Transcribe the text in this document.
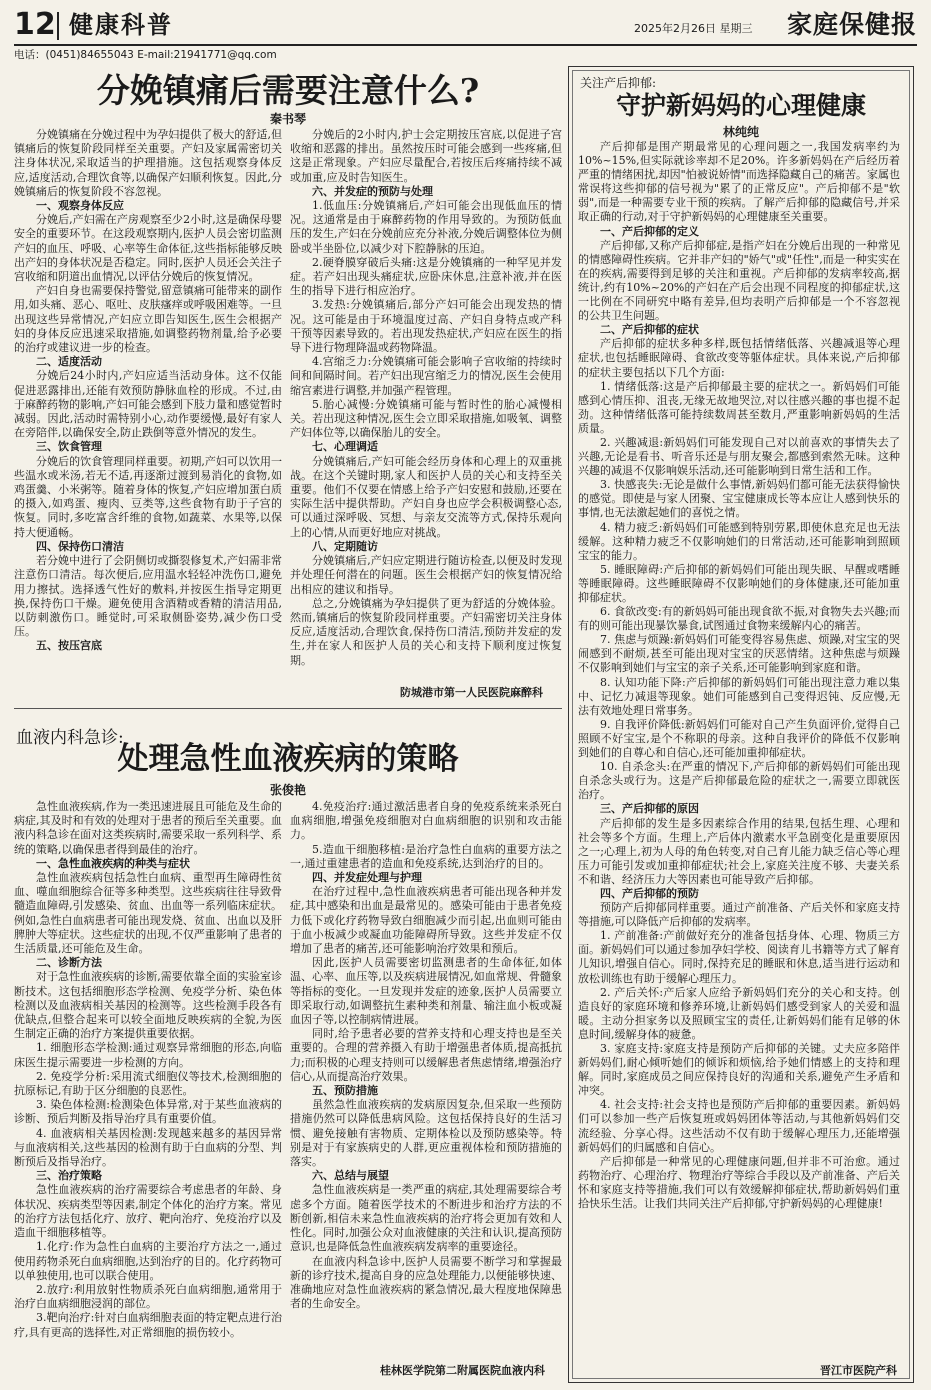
12 健康科普	2025年2月26日 星期三 家庭保健报
电话：(0451)84655043 E-mail:21941771@qq.com
分娩镇痛后需要注意什么?
秦书琴

分娩镇痛在分娩过程中为孕妇提供了极大的舒适,但镇痛后的恢复阶段同样至关重要。产妇及家属需密切关注身体状况,采取适当的护理措施。这包括观察身体反应,适度活动,合理饮食等,以确保产妇顺利恢复。因此,分娩镇痛后的恢复阶段不容忽视。

一、观察身体反应

分娩后,产妇需在产房观察至少2小时,这是确保母婴安全的重要环节。在这段观察期内,医护人员会密切监测产妇的血压、呼吸、心率等生命体征,这些指标能够反映出产妇的身体状况是否稳定。同时,医护人员还会关注子宫收缩和阴道出血情况,以评估分娩后的恢复情况。

产妇自身也需要保持警觉,留意镇痛可能带来的副作用,如头痛、恶心、呕吐、皮肤瘙痒或呼吸困难等。一旦出现这些异常情况,产妇应立即告知医生,医生会根据产妇的身体反应迅速采取措施,如调整药物剂量,给予必要的治疗或建议进一步的检查。

二、适度活动

分娩后24小时内,产妇应适当活动身体。这不仅能促进恶露排出,还能有效预防静脉血栓的形成。不过,由于麻醉药物的影响,产妇可能会感到下肢力量和感觉暂时减弱。因此,活动时需特别小心,动作要缓慢,最好有家人在旁陪伴,以确保安全,防止跌倒等意外情况的发生。

三、饮食管理

分娩后的饮食管理同样重要。初期,产妇可以饮用一些温水或米汤,若无不适,再逐渐过渡到易消化的食物,如鸡蛋羹、小米粥等。随着身体的恢复,产妇应增加蛋白质的摄入,如鸡蛋、瘦肉、豆类等,这些食物有助于子宫的恢复。同时,多吃富含纤维的食物,如蔬菜、水果等,以保持大便通畅。

四、保持伤口清洁

若分娩中进行了会阴侧切或撕裂修复术,产妇需非常注意伤口清洁。每次便后,应用温水轻轻冲洗伤口,避免用力擦拭。选择透气性好的敷料,并按医生指导定期更换,保持伤口干燥。避免使用含酒精或香精的清洁用品,以防刺激伤口。睡觉时,可采取侧卧姿势,减少伤口受压。

五、按压宫底

分娩后的2小时内,护士会定期按压宫底,以促进子宫收缩和恶露的排出。虽然按压时可能会感到一些疼痛,但这是正常现象。产妇应尽量配合,若按压后疼痛持续不减或加重,应及时告知医生。

六、并发症的预防与处理

1.低血压:分娩镇痛后,产妇可能会出现低血压的情况。这通常是由于麻醉药物的作用导致的。为预防低血压的发生,产妇在分娩前应充分补液,分娩后调整体位为侧卧或半坐卧位,以减少对下腔静脉的压迫。

2.硬脊膜穿破后头痛:这是分娩镇痛的一种罕见并发症。若产妇出现头痛症状,应卧床休息,注意补液,并在医生的指导下进行相应治疗。

3.发热:分娩镇痛后,部分产妇可能会出现发热的情况。这可能是由于环境温度过高、产妇自身特点或产科干预等因素导致的。若出现发热症状,产妇应在医生的指导下进行物理降温或药物降温。

4.宫缩乏力:分娩镇痛可能会影响子宫收缩的持续时间和间隔时间。若产妇出现宫缩乏力的情况,医生会使用缩宫素进行调整,并加强产程管理。

5.胎心减慢:分娩镇痛可能与暂时性的胎心减慢相关。若出现这种情况,医生会立即采取措施,如吸氧、调整产妇体位等,以确保胎儿的安全。

七、心理调适

分娩镇痛后,产妇可能会经历身体和心理上的双重挑战。在这个关键时期,家人和医护人员的关心和支持至关重要。他们不仅要在情感上给予产妇安慰和鼓励,还要在实际生活中提供帮助。产妇自身也应学会积极调整心态,可以通过深呼吸、冥想、与亲友交流等方式,保持乐观向上的心情,从而更好地应对挑战。

八、定期随访

分娩镇痛后,产妇应定期进行随访检查,以便及时发现并处理任何潜在的问题。医生会根据产妇的恢复情况给出相应的建议和指导。

总之,分娩镇痛为孕妇提供了更为舒适的分娩体验。然而,镇痛后的恢复阶段同样重要。产妇需密切关注身体反应,适度活动,合理饮食,保持伤口清洁,预防并发症的发生,并在家人和医护人员的关心和支持下顺利度过恢复期。

防城港市第一人民医院麻醉科
血液内科急诊:
处理急性血液疾病的策略
张俊艳

急性血液疾病,作为一类迅速进展且可能危及生命的病症,其及时和有效的处理对于患者的预后至关重要。血液内科急诊在面对这类疾病时,需要采取一系列科学、系统的策略,以确保患者得到最佳的治疗。

一、急性血液疾病的种类与症状

急性血液疾病包括急性白血病、重型再生障碍性贫血、噬血细胞综合征等多种类型。这些疾病往往导致骨髓造血障碍,引发感染、贫血、出血等一系列临床症状。例如,急性白血病患者可能出现发烧、贫血、出血以及肝脾肿大等症状。这些症状的出现,不仅严重影响了患者的生活质量,还可能危及生命。

二、诊断方法

对于急性血液疾病的诊断,需要依靠全面的实验室诊断技术。这包括细胞形态学检测、免疫学分析、染色体检测以及血液病相关基因的检测等。这些检测手段各有优缺点,但整合起来可以较全面地反映疾病的全貌,为医生制定正确的治疗方案提供重要依据。

1. 细胞形态学检测:通过观察异常细胞的形态,向临床医生提示需要进一步检测的方向。

2. 免疫学分析:采用流式细胞仪等技术,检测细胞的抗原标记,有助于区分细胞的良恶性。

3. 染色体检测:检测染色体异常,对于某些血液病的诊断、预后判断及指导治疗具有重要价值。

4. 血液病相关基因检测:发现越来越多的基因异常与血液病相关,这些基因的检测有助于白血病的分型、判断预后及指导治疗。

三、治疗策略

急性血液疾病的治疗需要综合考虑患者的年龄、身体状况、疾病类型等因素,制定个体化的治疗方案。常见的治疗方法包括化疗、放疗、靶向治疗、免疫治疗以及造血干细胞移植等。

1.化疗:作为急性白血病的主要治疗方法之一,通过使用药物杀死白血病细胞,达到治疗的目的。化疗药物可以单独使用,也可以联合使用。

2.放疗:利用放射性物质杀死白血病细胞,通常用于治疗白血病细胞浸润的部位。

3.靶向治疗:针对白血病细胞表面的特定靶点进行治疗,具有更高的选择性,对正常细胞的损伤较小。

4.免疫治疗:通过激活患者自身的免疫系统来杀死白血病细胞,增强免疫细胞对白血病细胞的识别和攻击能力。

5.造血干细胞移植:是治疗急性白血病的重要方法之一,通过重建患者的造血和免疫系统,达到治疗的目的。

四、并发症处理与护理

在治疗过程中,急性血液疾病患者可能出现各种并发症,其中感染和出血是最常见的。感染可能由于患者免疫力低下或化疗药物导致白细胞减少而引起,出血则可能由于血小板减少或凝血功能障碍所导致。这些并发症不仅增加了患者的痛苦,还可能影响治疗效果和预后。

因此,医护人员需要密切监测患者的生命体征,如体温、心率、血压等,以及疾病进展情况,如血常规、骨髓象等指标的变化。一旦发现并发症的迹象,医护人员需要立即采取行动,如调整抗生素种类和剂量、输注血小板或凝血因子等,以控制病情进展。

同时,给予患者必要的营养支持和心理支持也是至关重要的。合理的营养摄入有助于增强患者体质,提高抵抗力;而积极的心理支持则可以缓解患者焦虑情绪,增强治疗信心,从而提高治疗效果。

五、预防措施

虽然急性血液疾病的发病原因复杂,但采取一些预防措施仍然可以降低患病风险。这包括保持良好的生活习惯、避免接触有害物质、定期体检以及预防感染等。特别是对于有家族病史的人群,更应重视体检和预防措施的落实。

六、总结与展望

急性血液疾病是一类严重的病症,其处理需要综合考虑多个方面。随着医学技术的不断进步和治疗方法的不断创新,相信未来急性血液疾病的治疗将会更加有效和人性化。同时,加强公众对血液健康的关注和认识,提高预防意识,也是降低急性血液疾病发病率的重要途径。

在血液内科急诊中,医护人员需要不断学习和掌握最新的诊疗技术,提高自身的应急处理能力,以便能够快速、准确地应对急性血液疾病的紧急情况,最大程度地保障患者的生命安全。

桂林医学院第二附属医院血液内科
关注产后抑郁:
守护新妈妈的心理健康
林纯纯

产后抑郁是围产期最常见的心理问题之一,我国发病率约为10%~15%,但实际就诊率却不足20%。许多新妈妈在产后经历着严重的情绪困扰,却因"怕被说娇情"而选择隐藏自己的痛苦。家属也常误将这些抑郁的信号视为"累了的正常反应"。产后抑郁不是"软弱",而是一种需要专业干预的疾病。了解产后抑郁的隐藏信号,并采取正确的行动,对于守护新妈妈的心理健康至关重要。

一、产后抑郁的定义

产后抑郁,又称产后抑郁症,是指产妇在分娩后出现的一种常见的情感障碍性疾病。它并非产妇的"娇气"或"任性",而是一种实实在在的疾病,需要得到足够的关注和重视。产后抑郁的发病率较高,据统计,约有10%~20%的产妇在产后会出现不同程度的抑郁症状,这一比例在不同研究中略有差异,但均表明产后抑郁是一个不容忽视的公共卫生问题。

二、产后抑郁的症状

产后抑郁的症状多种多样,既包括情绪低落、兴趣减退等心理症状,也包括睡眠障碍、食欲改变等躯体症状。具体来说,产后抑郁的症状主要包括以下几个方面:

1. 情绪低落:这是产后抑郁最主要的症状之一。新妈妈们可能感到心情压抑、沮丧,无缘无故地哭泣,对以往感兴趣的事也提不起劲。这种情绪低落可能持续数周甚至数月,严重影响新妈妈的生活质量。

2. 兴趣减退:新妈妈们可能发现自己对以前喜欢的事情失去了兴趣,无论是看书、听音乐还是与朋友聚会,都感到索然无味。这种兴趣的减退不仅影响娱乐活动,还可能影响到日常生活和工作。

3. 快感丧失:无论是做什么事情,新妈妈们都可能无法获得愉快的感觉。即使是与家人团聚、宝宝健康成长等本应让人感到快乐的事情,也无法激起她们的喜悦之情。

4. 精力疲乏:新妈妈们可能感到特别劳累,即使休息充足也无法缓解。这种精力疲乏不仅影响她们的日常活动,还可能影响到照顾宝宝的能力。

5. 睡眠障碍:产后抑郁的新妈妈们可能出现失眠、早醒或嗜睡等睡眠障碍。这些睡眠障碍不仅影响她们的身体健康,还可能加重抑郁症状。

6. 食欲改变:有的新妈妈可能出现食欲不振,对食物失去兴趣;而有的则可能出现暴饮暴食,试图通过食物来缓解内心的痛苦。

7. 焦虑与烦躁:新妈妈们可能变得容易焦虑、烦躁,对宝宝的哭闹感到不耐烦,甚至可能出现对宝宝的厌恶情绪。这种焦虑与烦躁不仅影响到她们与宝宝的亲子关系,还可能影响到家庭和谐。

8. 认知功能下降:产后抑郁的新妈妈们可能出现注意力难以集中、记忆力减退等现象。她们可能感到自己变得迟钝、反应慢,无法有效地处理日常事务。

9. 自我评价降低:新妈妈们可能对自己产生负面评价,觉得自己照顾不好宝宝,是个不称职的母亲。这种自我评价的降低不仅影响到她们的自尊心和自信心,还可能加重抑郁症状。

10. 自杀念头:在严重的情况下,产后抑郁的新妈妈们可能出现自杀念头或行为。这是产后抑郁最危险的症状之一,需要立即就医治疗。

三、产后抑郁的原因

产后抑郁的发生是多因素综合作用的结果,包括生理、心理和社会等多个方面。生理上,产后体内激素水平急剧变化是重要原因之一;心理上,初为人母的角色转变,对自己育儿能力缺乏信心等心理压力可能引发或加重抑郁症状;社会上,家庭关注度不够、夫妻关系不和谐、经济压力大等因素也可能导致产后抑郁。

四、产后抑郁的预防

预防产后抑郁同样重要。通过产前准备、产后关怀和家庭支持等措施,可以降低产后抑郁的发病率。

1. 产前准备:产前做好充分的准备包括身体、心理、物质三方面。新妈妈们可以通过参加孕妇学校、阅读育儿书籍等方式了解育儿知识,增强自信心。同时,保持充足的睡眠和休息,适当进行运动和放松训练也有助于缓解心理压力。

2. 产后关怀:产后家人应给予新妈妈们充分的关心和支持。创造良好的家庭环境和修养环境,让新妈妈们感受到家人的关爱和温暖。主动分担家务以及照顾宝宝的责任,让新妈妈们能有足够的休息时间,缓解身体的疲惫。

3. 家庭支持:家庭支持是预防产后抑郁的关键。丈夫应多陪伴新妈妈们,耐心倾听她们的倾诉和烦恼,给予她们情感上的支持和理解。同时,家庭成员之间应保持良好的沟通和关系,避免产生矛盾和冲突。

4. 社会支持:社会支持也是预防产后抑郁的重要因素。新妈妈们可以参加一些产后恢复班或妈妈团体等活动,与其他新妈妈们交流经验、分享心得。这些活动不仅有助于缓解心理压力,还能增强新妈妈们的归属感和自信心。

产后抑郁是一种常见的心理健康问题,但并非不可治愈。通过药物治疗、心理治疗、物理治疗等综合手段以及产前准备、产后关怀和家庭支持等措施,我们可以有效缓解抑郁症状,帮助新妈妈们重拾快乐生活。让我们共同关注产后抑郁,守护新妈妈的心理健康!

晋江市医院产科
